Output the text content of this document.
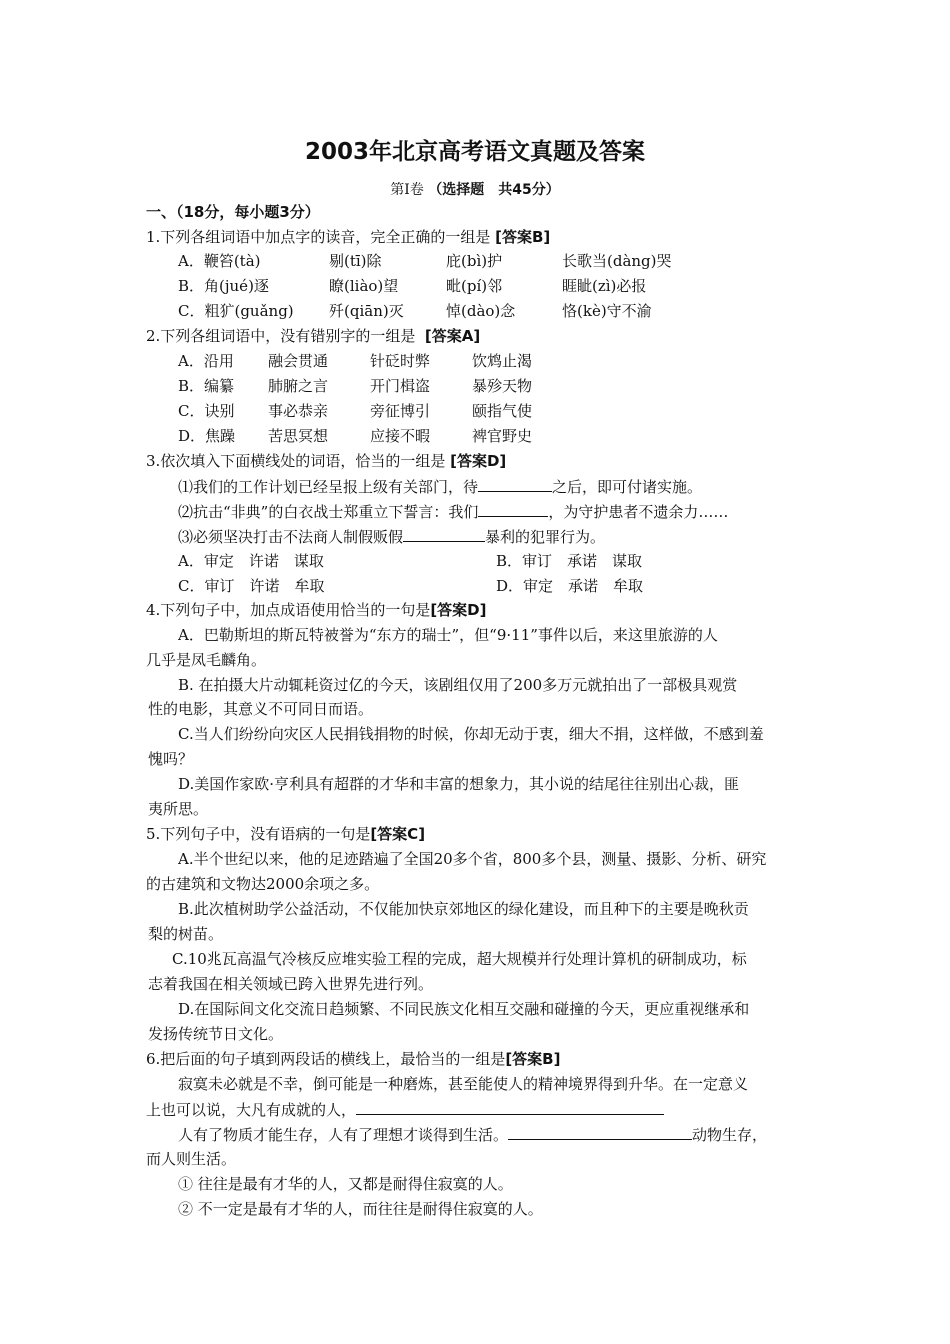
2003年北京高考语文真题及答案
第Ⅰ卷 （选择题　共45分）
一、（18分，每小题3分）
1.下列各组词语中加点字的读音，完全正确的一组是 [答案B]
A．鞭笞(tà)	剔(tī)除	庇(bì)护	长歌当(dàng)哭
B．角(jué)逐	瞭(liào)望	毗(pí)邻	睚眦(zì)必报
C．粗犷(guǎng) 歼(qiān)灭	悼(dào)念	恪(kè)守不渝
2.下列各组词语中，没有错别字的一组是 [答案A]
A．沿用 融会贯通	针砭时弊	饮鸩止渴
B．编纂 肺腑之言	开门楫盗	暴殄天物
C．诀别 事必恭亲	旁征博引	颐指气使
D．焦躁 苦思冥想	应接不暇	裨官野史
3.依次填入下面横线处的词语，恰当的一组是 [答案D]
⑴我们的工作计划已经呈报上级有关部门，待	之后，即可付诸实施。
⑵抗击“非典”的白衣战士郑重立下誓言：我们	，为守护患者不遗余力……
⑶必须坚决打击不法商人制假贩假	暴利的犯罪行为。
A．审定　许诺　谋取	B．审订　承诺　谋取
C．审订　许诺　牟取	D．审定　承诺　牟取
4.下列句子中，加点成语使用恰当的一句是[答案D]
A．巴勒斯坦的斯瓦特被誉为“东方的瑞士”，但“9·11”事件以后，来这里旅游的人
几乎是凤毛麟角。
B. 在拍摄大片动辄耗资过亿的今天，该剧组仅用了200多万元就拍出了一部极具观赏
性的电影，其意义不可同日而语。
C.当人们纷纷向灾区人民捐钱捐物的时候，你却无动于衷，细大不捐，这样做，不感到羞
愧吗？
D.美国作家欧·亨利具有超群的才华和丰富的想象力，其小说的结尾往往别出心裁，匪
夷所思。
5.下列句子中，没有语病的一句是[答案C]
A.半个世纪以来，他的足迹踏遍了全国20多个省，800多个县，测量、摄影、分析、研究
的古建筑和文物达2000余项之多。
B.此次植树助学公益活动，不仅能加快京郊地区的绿化建设，而且种下的主要是晚秋贡
梨的树苗。
C.10兆瓦高温气冷核反应堆实验工程的完成，超大规模并行处理计算机的研制成功，标
志着我国在相关领域已跨入世界先进行列。
D.在国际间文化交流日趋频繁、不同民族文化相互交融和碰撞的今天，更应重视继承和
发扬传统节日文化。
6.把后面的句子填到两段话的横线上，最恰当的一组是[答案B]
寂寞未必就是不幸，倒可能是一种磨炼，甚至能使人的精神境界得到升华。在一定意义
上也可以说，大凡有成就的人，
人有了物质才能生存，人有了理想才谈得到生活。	动物生存，
而人则生活。
① 往往是最有才华的人，又都是耐得住寂寞的人。
② 不一定是最有才华的人，而往往是耐得住寂寞的人。
